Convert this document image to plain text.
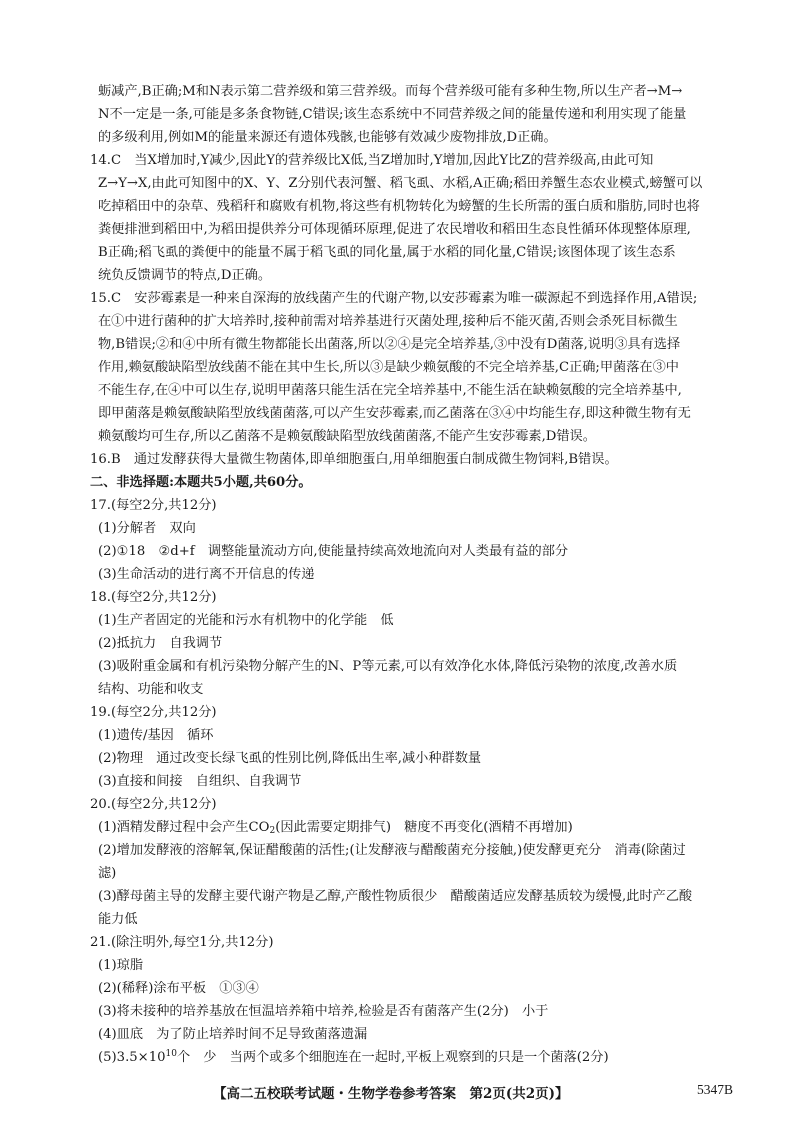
蛎减产,B正确;M和N表示第二营养级和第三营养级。而每个营养级可能有多种生物,所以生产者→M→
N不一定是一条,可能是多条食物链,C错误;该生态系统中不同营养级之间的能量传递和利用实现了能量
的多级利用,例如M的能量来源还有遗体残骸,也能够有效减少废物排放,D正确。
14.C　当X增加时,Y减少,因此Y的营养级比X低,当Z增加时,Y增加,因此Y比Z的营养级高,由此可知
Z→Y→X,由此可知图中的X、Y、Z分别代表河蟹、稻飞虱、水稻,A正确;稻田养蟹生态农业模式,螃蟹可以
吃掉稻田中的杂草、残稻秆和腐败有机物,将这些有机物转化为螃蟹的生长所需的蛋白质和脂肪,同时也将
粪便排泄到稻田中,为稻田提供养分可体现循环原理,促进了农民增收和稻田生态良性循环体现整体原理,
B正确;稻飞虱的粪便中的能量不属于稻飞虱的同化量,属于水稻的同化量,C错误;该图体现了该生态系
统负反馈调节的特点,D正确。
15.C　安莎霉素是一种来自深海的放线菌产生的代谢产物,以安莎霉素为唯一碳源起不到选择作用,A错误;
在①中进行菌种的扩大培养时,接种前需对培养基进行灭菌处理,接种后不能灭菌,否则会杀死目标微生
物,B错误;②和④中所有微生物都能长出菌落,所以②④是完全培养基,③中没有D菌落,说明③具有选择
作用,赖氨酸缺陷型放线菌不能在其中生长,所以③是缺少赖氨酸的不完全培养基,C正确;甲菌落在③中
不能生存,在④中可以生存,说明甲菌落只能生活在完全培养基中,不能生活在缺赖氨酸的完全培养基中,
即甲菌落是赖氨酸缺陷型放线菌菌落,可以产生安莎霉素,而乙菌落在③④中均能生存,即这种微生物有无
赖氨酸均可生存,所以乙菌落不是赖氨酸缺陷型放线菌菌落,不能产生安莎霉素,D错误。
16.B　通过发酵获得大量微生物菌体,即单细胞蛋白,用单细胞蛋白制成微生物饲料,B错误。
二、非选择题:本题共5小题,共60分。
17.(每空2分,共12分)
(1)分解者　双向
(2)①18　②d+f　调整能量流动方向,使能量持续高效地流向对人类最有益的部分
(3)生命活动的进行离不开信息的传递
18.(每空2分,共12分)
(1)生产者固定的光能和污水有机物中的化学能　低
(2)抵抗力　自我调节
(3)吸附重金属和有机污染物分解产生的N、P等元素,可以有效净化水体,降低污染物的浓度,改善水质
结构、功能和收支
19.(每空2分,共12分)
(1)遗传/基因　循环
(2)物理　通过改变长绿飞虱的性别比例,降低出生率,减小种群数量
(3)直接和间接　自组织、自我调节
20.(每空2分,共12分)
(1)酒精发酵过程中会产生$CO_2$(因此需要定期排气)　糖度不再变化(酒精不再增加)
(2)增加发酵液的溶解氧,保证醋酸菌的活性;(让发酵液与醋酸菌充分接触,)使发酵更充分　消毒(除菌过
滤)
(3)酵母菌主导的发酵主要代谢产物是乙醇,产酸性物质很少　醋酸菌适应发酵基质较为缓慢,此时产乙酸
能力低
21.(除注明外,每空1分,共12分)
(1)琼脂
(2)(稀释)涂布平板　①③④
(3)将未接种的培养基放在恒温培养箱中培养,检验是否有菌落产生(2分)　小于
(4)皿底　为了防止培养时间不足导致菌落遗漏
$(5)3.5\times 10^{10}$个　少　当两个或多个细胞连在一起时,平板上观察到的只是一个菌落(2分)
【高二五校联考试题・生物学卷参考答案　第2页(共2页)】	5347B
